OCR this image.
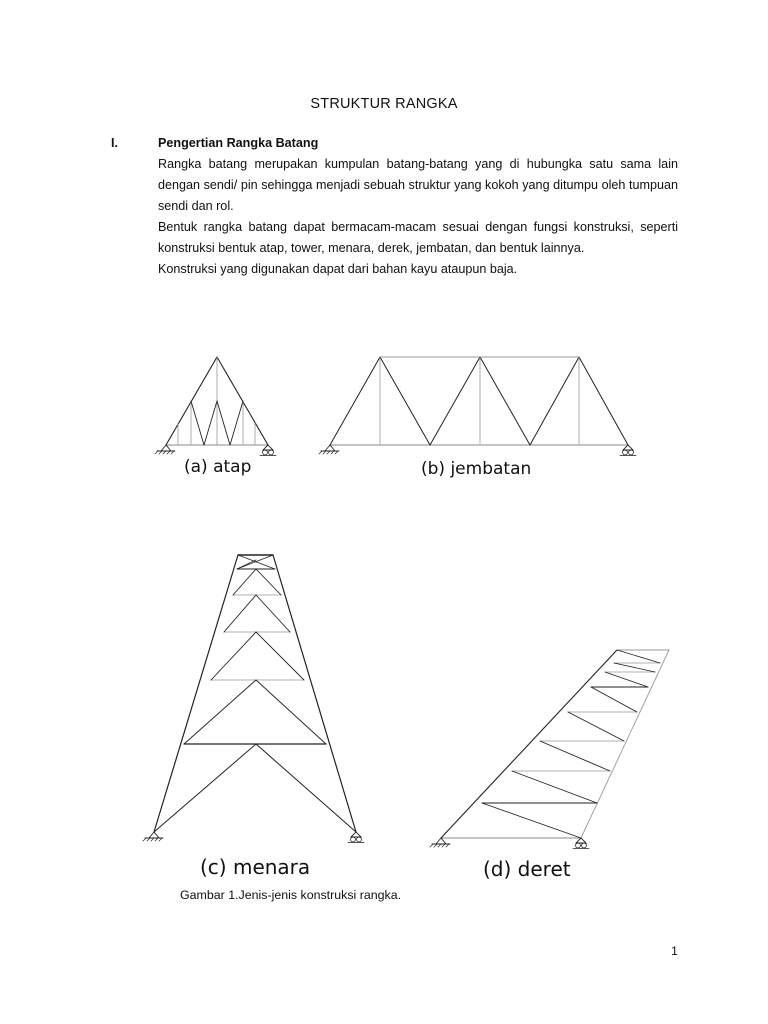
STRUKTUR RANGKA
I.	Pengertian Rangka Batang

Rangka batang merupakan kumpulan batang-batang yang di hubungka satu sama lain dengan sendi/ pin sehingga menjadi sebuah struktur yang kokoh yang ditumpu oleh tumpuan sendi dan rol.

Bentuk rangka batang dapat bermacam-macam sesuai dengan fungsi konstruksi, seperti konstruksi bentuk atap, tower, menara, derek, jembatan, dan bentuk lainnya.

Konstruksi yang digunakan dapat dari bahan kayu ataupun baja.

(a) atap	(b) jembatan
(c) menara	(d) deret
Gambar 1.Jenis-jenis konstruksi rangka.
1
